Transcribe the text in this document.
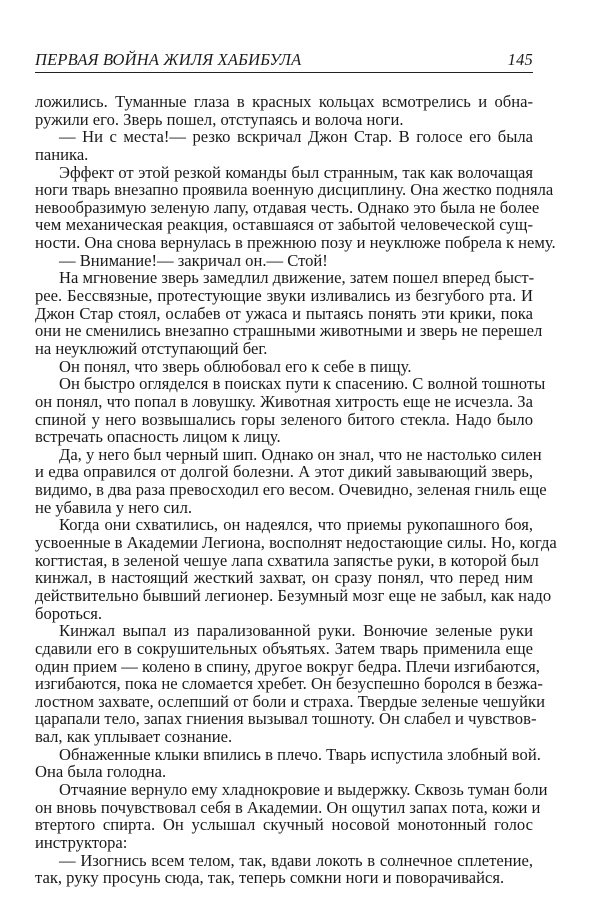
ПЕРВАЯ ВОЙНА ЖИЛЯ ХАБИБУЛА	145
ложились. Туманные глаза в красных кольцах всмотрелись и обна-
ружили его. Зверь пошел, отступаясь и волоча ноги.
— Ни с места!— резко вскричал Джон Стар. В голосе его была
паника.
Эффект от этой резкой команды был странным, так как волочащая
ноги тварь внезапно проявила военную дисциплину. Она жестко подняла
невообразимую зеленую лапу, отдавая честь. Однако это была не более
чем механическая реакция, оставшаяся от забытой человеческой сущ-
ности. Она снова вернулась в прежнюю позу и неуклюже побрела к нему.
— Внимание!— закричал он.— Стой!
На мгновение зверь замедлил движение, затем пошел вперед быст-
рее. Бессвязные, протестующие звуки изливались из безгубого рта. И
Джон Стар стоял, ослабев от ужаса и пытаясь понять эти крики, пока
они не сменились внезапно страшными животными и зверь не перешел
на неуклюжий отступающий бег.
Он понял, что зверь облюбовал его к себе в пищу.
Он быстро огляделся в поисках пути к спасению. С волной тошноты
он понял, что попал в ловушку. Животная хитрость еще не исчезла. За
спиной у него возвышались горы зеленого битого стекла. Надо было
встречать опасность лицом к лицу.
Да, у него был черный шип. Однако он знал, что не настолько силен
и едва оправился от долгой болезни. А этот дикий завывающий зверь,
видимо, в два раза превосходил его весом. Очевидно, зеленая гниль еще
не убавила у него сил.
Когда они схватились, он надеялся, что приемы рукопашного боя,
усвоенные в Академии Легиона, восполнят недостающие силы. Но, когда
когтистая, в зеленой чешуе лапа схватила запястье руки, в которой был
кинжал, в настоящий жесткий захват, он сразу понял, что перед ним
действительно бывший легионер. Безумный мозг еще не забыл, как надо
бороться.
Кинжал выпал из парализованной руки. Вонючие зеленые руки
сдавили его в сокрушительных объятьях. Затем тварь применила еще
один прием — колено в спину, другое вокруг бедра. Плечи изгибаются,
изгибаются, пока не сломается хребет. Он безуспешно боролся в безжа-
лостном захвате, ослепший от боли и страха. Твердые зеленые чешуйки
царапали тело, запах гниения вызывал тошноту. Он слабел и чувствов-
вал, как уплывает сознание.
Обнаженные клыки впились в плечо. Тварь испустила злобный вой.
Она была голодна.
Отчаяние вернуло ему хладнокровие и выдержку. Сквозь туман боли
он вновь почувствовал себя в Академии. Он ощутил запах пота, кожи и
втертого спирта. Он услышал скучный носовой монотонный голос
инструктора:
— Изогнись всем телом, так, вдави локоть в солнечное сплетение,
так, руку просунь сюда, так, теперь сомкни ноги и поворачивайся.
